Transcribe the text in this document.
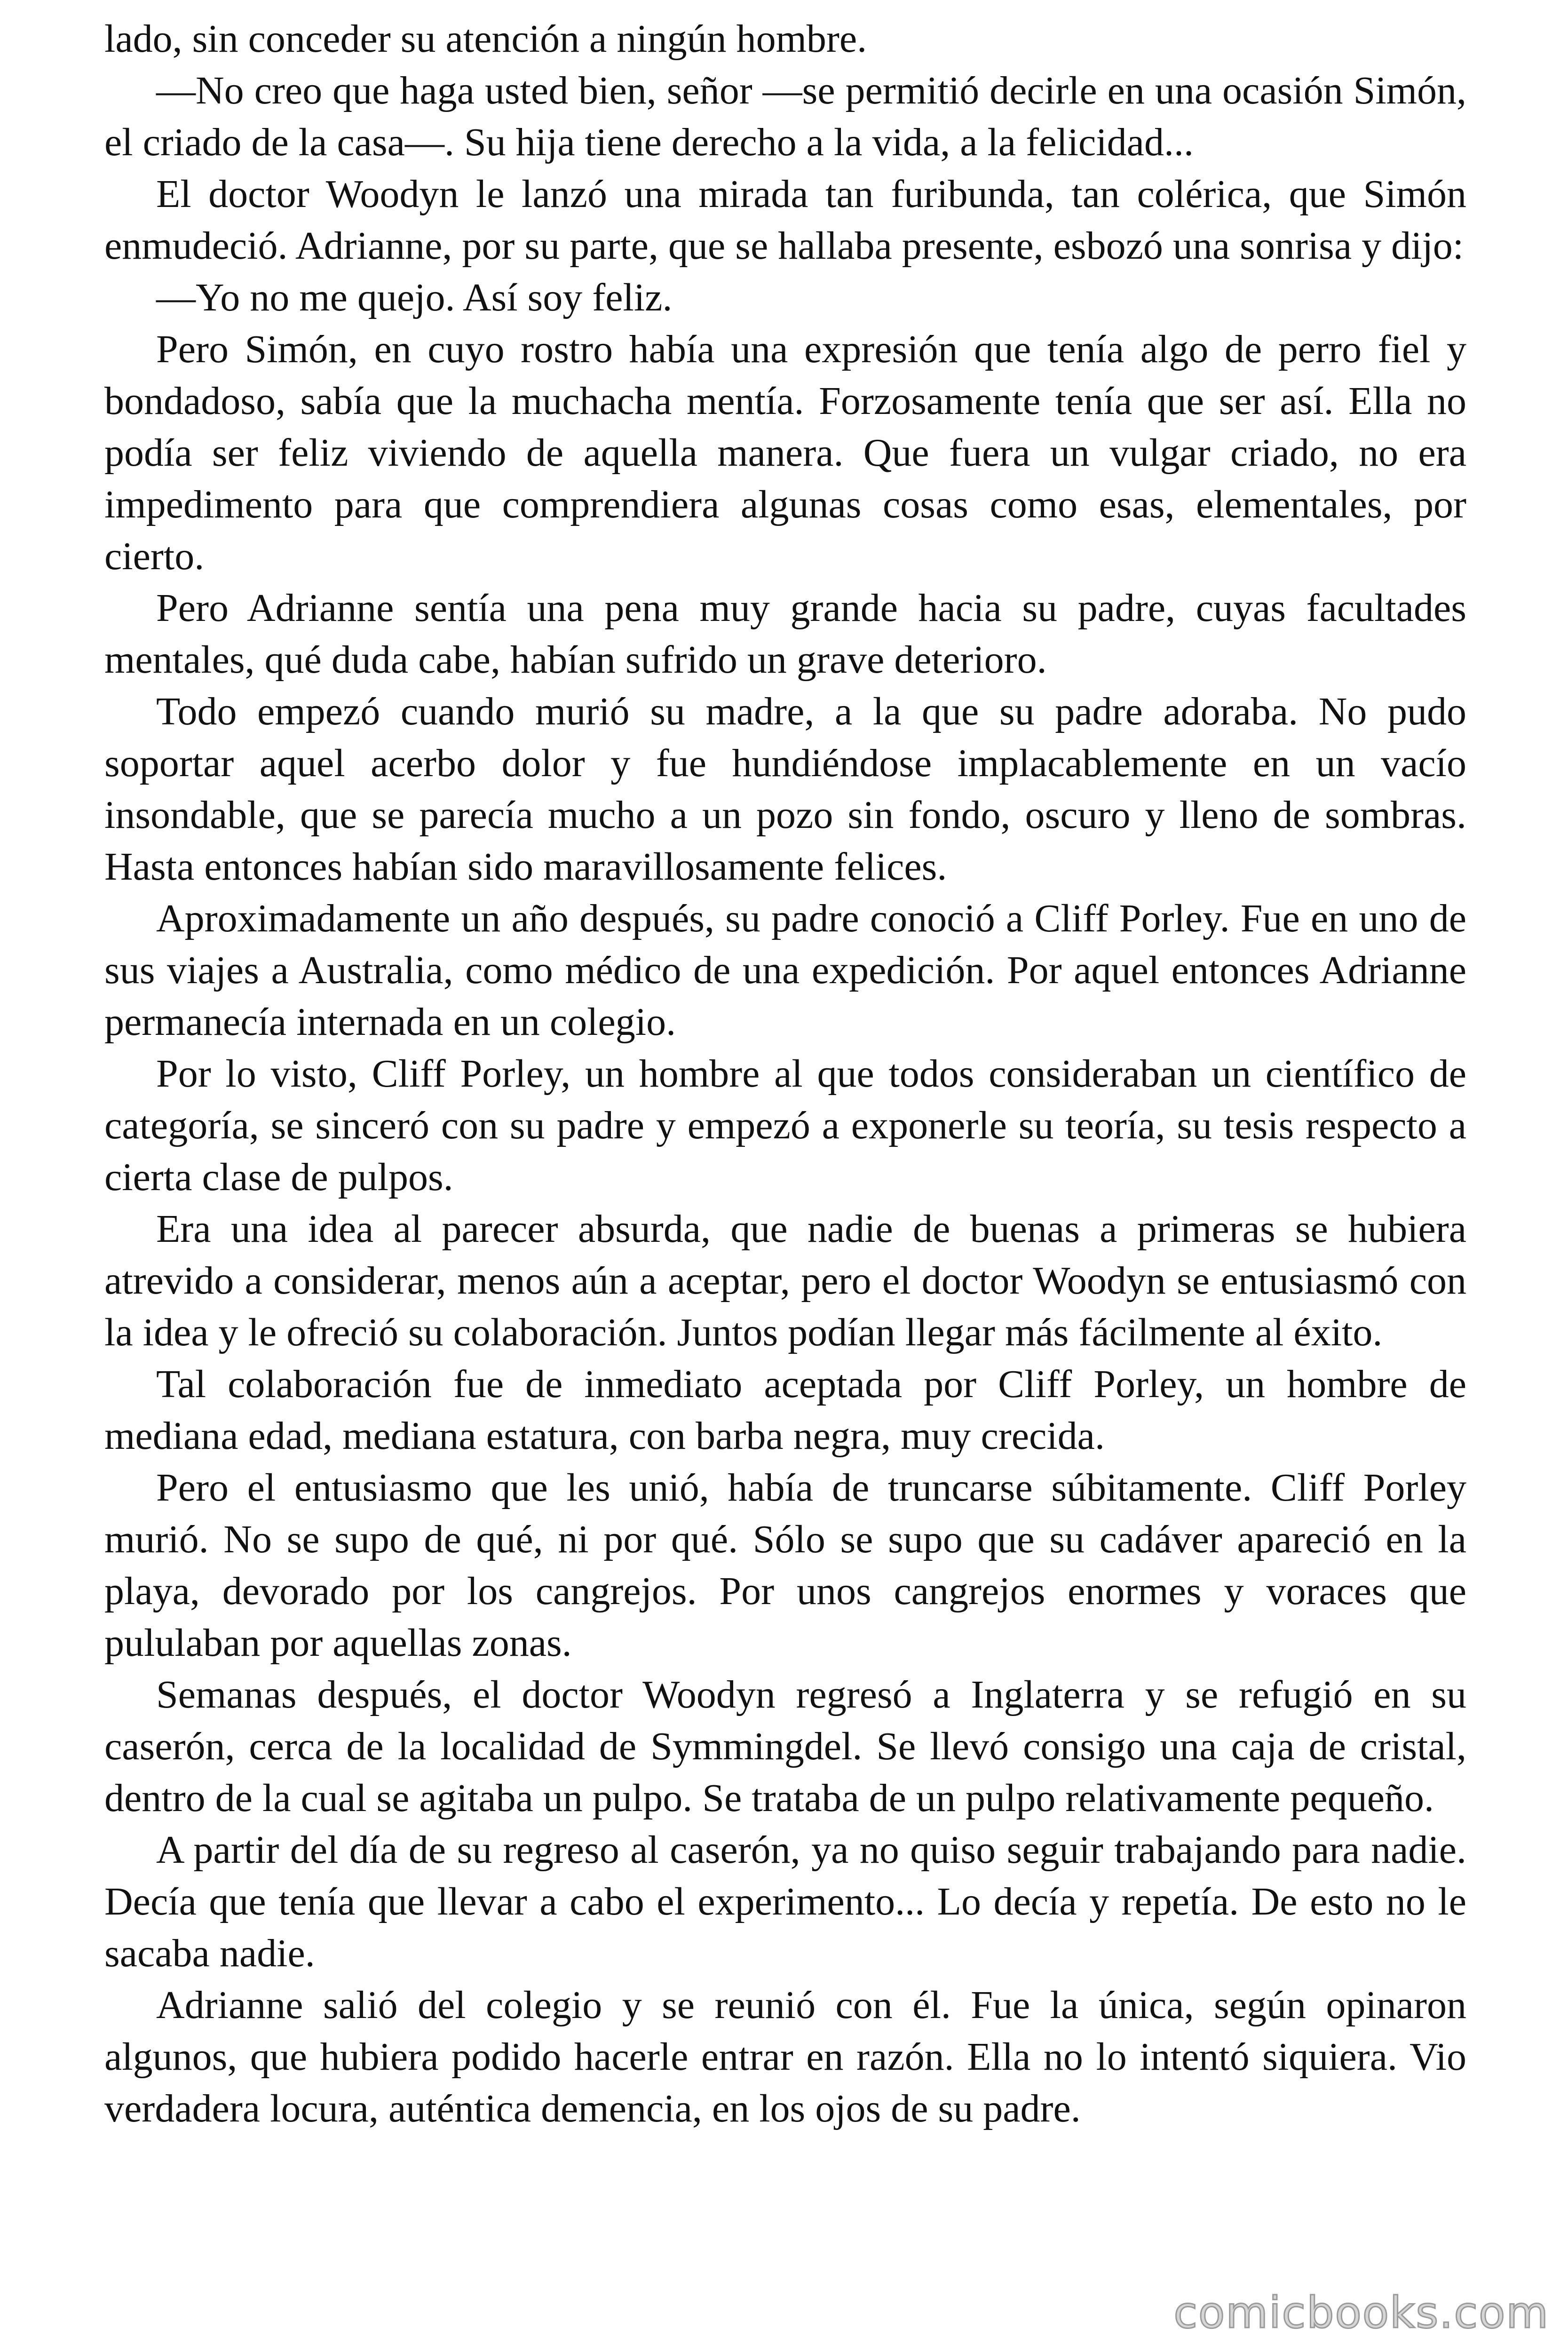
lado, sin conceder su atención a ningún hombre.

—No creo que haga usted bien, señor —se permitió decirle en una ocasión Simón, el criado de la casa—. Su hija tiene derecho a la vida, a la felicidad...

El doctor Woodyn le lanzó una mirada tan furibunda, tan colérica, que Simón enmudeció. Adrianne, por su parte, que se hallaba presente, esbozó una sonrisa y dijo:

—Yo no me quejo. Así soy feliz.

Pero Simón, en cuyo rostro había una expresión que tenía algo de perro fiel y bondadoso, sabía que la muchacha mentía. Forzosamente tenía que ser así. Ella no podía ser feliz viviendo de aquella manera. Que fuera un vulgar criado, no era impedimento para que comprendiera algunas cosas como esas, elementales, por cierto.

Pero Adrianne sentía una pena muy grande hacia su padre, cuyas facultades mentales, qué duda cabe, habían sufrido un grave deterioro.

Todo empezó cuando murió su madre, a la que su padre adoraba. No pudo soportar aquel acerbo dolor y fue hundiéndose implacablemente en un vacío insondable, que se parecía mucho a un pozo sin fondo, oscuro y lleno de sombras. Hasta entonces habían sido maravillosamente felices.

Aproximadamente un año después, su padre conoció a Cliff Porley. Fue en uno de sus viajes a Australia, como médico de una expedición. Por aquel entonces Adrianne permanecía internada en un colegio.

Por lo visto, Cliff Porley, un hombre al que todos consideraban un científico de categoría, se sinceró con su padre y empezó a exponerle su teoría, su tesis respecto a cierta clase de pulpos.

Era una idea al parecer absurda, que nadie de buenas a primeras se hubiera atrevido a considerar, menos aún a aceptar, pero el doctor Woodyn se entusiasmó con la idea y le ofreció su colaboración. Juntos podían llegar más fácilmente al éxito.

Tal colaboración fue de inmediato aceptada por Cliff Porley, un hombre de mediana edad, mediana estatura, con barba negra, muy crecida.

Pero el entusiasmo que les unió, había de truncarse súbitamente. Cliff Porley murió. No se supo de qué, ni por qué. Sólo se supo que su cadáver apareció en la playa, devorado por los cangrejos. Por unos cangrejos enormes y voraces que pululaban por aquellas zonas.

Semanas después, el doctor Woodyn regresó a Inglaterra y se refugió en su caserón, cerca de la localidad de Symmingdel. Se llevó consigo una caja de cristal, dentro de la cual se agitaba un pulpo. Se trataba de un pulpo relativamente pequeño.

A partir del día de su regreso al caserón, ya no quiso seguir trabajando para nadie. Decía que tenía que llevar a cabo el experimento... Lo decía y repetía. De esto no le sacaba nadie.

Adrianne salió del colegio y se reunió con él. Fue la única, según opinaron algunos, que hubiera podido hacerle entrar en razón. Ella no lo intentó siquiera. Vio verdadera locura, auténtica demencia, en los ojos de su padre.

comicbooks.com
